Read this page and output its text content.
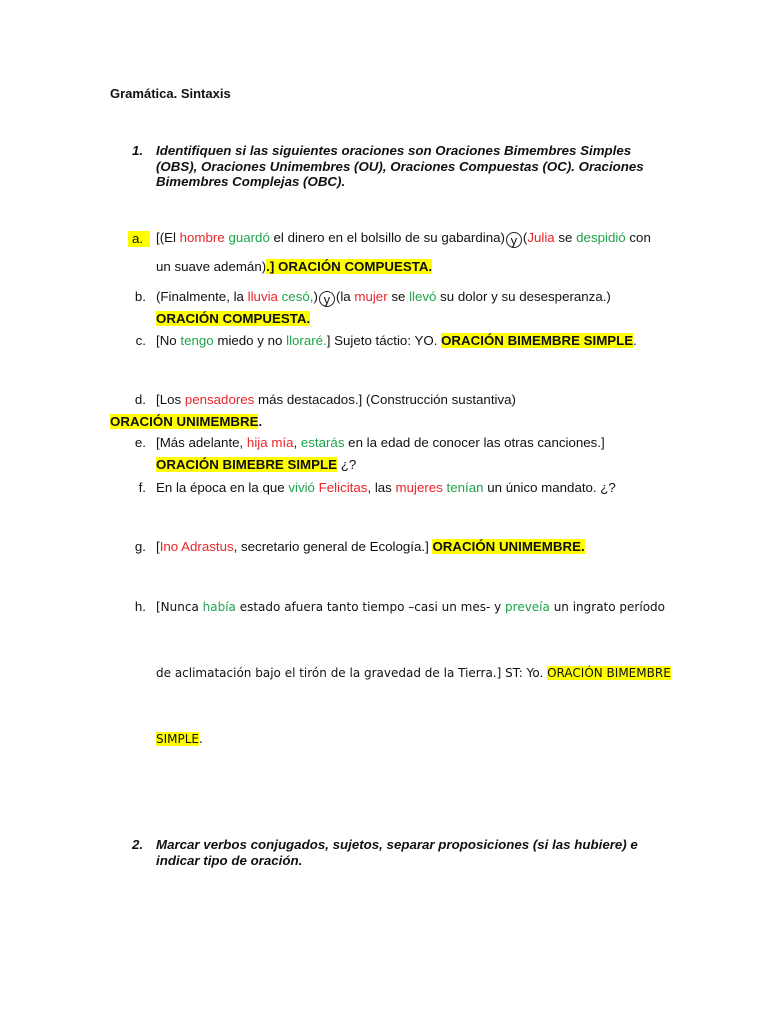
Gramática. Sintaxis
1. Identifiquen si las siguientes oraciones son Oraciones Bimembres Simples (OBS), Oraciones Unimembres (OU), Oraciones Compuestas (OC). Oraciones Bimembres Complejas (OBC).
a. [(El hombre guardó el dinero en el bolsillo de su gabardina) y (Julia se despidió con
un suave ademán).] ORACIÓN COMPUESTA.
b. (Finalmente, la lluvia cesó,) y (la mujer se llevó su dolor y su desesperanza.)
ORACIÓN COMPUESTA.
c. [No tengo miedo y no lloraré.] Sujeto táctio: YO. ORACIÓN BIMEMBRE SIMPLE.
d. [Los pensadores más destacados.] (Construcción sustantiva)
ORACIÓN UNIMEMBRE.
e. [Más adelante, hija mía, estarás en la edad de conocer las otras canciones.]
ORACIÓN BIMEBRE SIMPLE ¿?
f. En la época en la que vivió Felicitas, las mujeres tenían un único mandato. ¿?
g. [Ino Adrastus, secretario general de Ecología.] ORACIÓN UNIMEMBRE.
h. [Nunca había estado afuera tanto tiempo –casi un mes- y preveía un ingrato período
de aclimatación bajo el tirón de la gravedad de la Tierra.] ST: Yo. ORACIÓN BIMEMBRE
SIMPLE.
2. Marcar verbos conjugados, sujetos, separar proposiciones (si las hubiere) e indicar tipo de oración.
